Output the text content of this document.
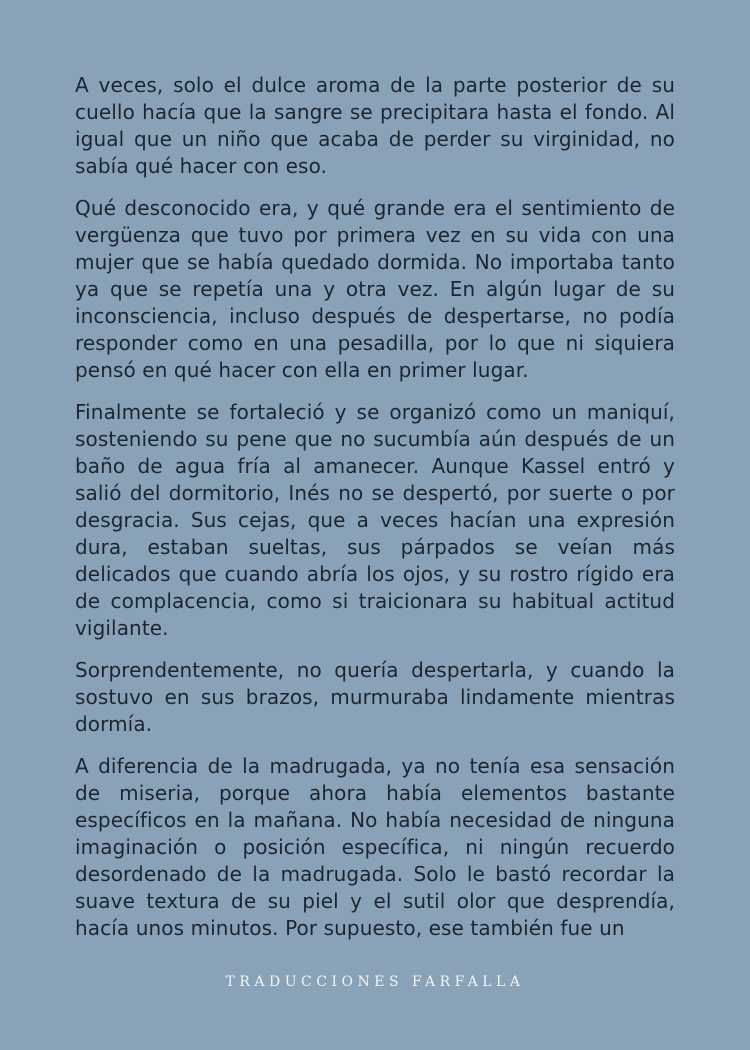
A veces, solo el dulce aroma de la parte posterior de su cuello hacía que la sangre se precipitara hasta el fondo. Al igual que un niño que acaba de perder su virginidad, no sabía qué hacer con eso.

Qué desconocido era, y qué grande era el sentimiento de vergüenza que tuvo por primera vez en su vida con una mujer que se había quedado dormida. No importaba tanto ya que se repetía una y otra vez. En algún lugar de su inconsciencia, incluso después de despertarse, no podía responder como en una pesadilla, por lo que ni siquiera pensó en qué hacer con ella en primer lugar.

Finalmente se fortaleció y se organizó como un maniquí, sosteniendo su pene que no sucumbía aún después de un baño de agua fría al amanecer. Aunque Kassel entró y salió del dormitorio, Inés no se despertó, por suerte o por desgracia. Sus cejas, que a veces hacían una expresión dura, estaban sueltas, sus párpados se veían más delicados que cuando abría los ojos, y su rostro rígido era de complacencia, como si traicionara su habitual actitud vigilante.

Sorprendentemente, no quería despertarla, y cuando la sostuvo en sus brazos, murmuraba lindamente mientras dormía.

A diferencia de la madrugada, ya no tenía esa sensación de miseria, porque ahora había elementos bastante específicos en la mañana. No había necesidad de ninguna imaginación o posición específica, ni ningún recuerdo desordenado de la madrugada. Solo le bastó recordar la suave textura de su piel y el sutil olor que desprendía, hacía unos minutos. Por supuesto, ese también fue un

TRADUCCIONES FARFALLA
